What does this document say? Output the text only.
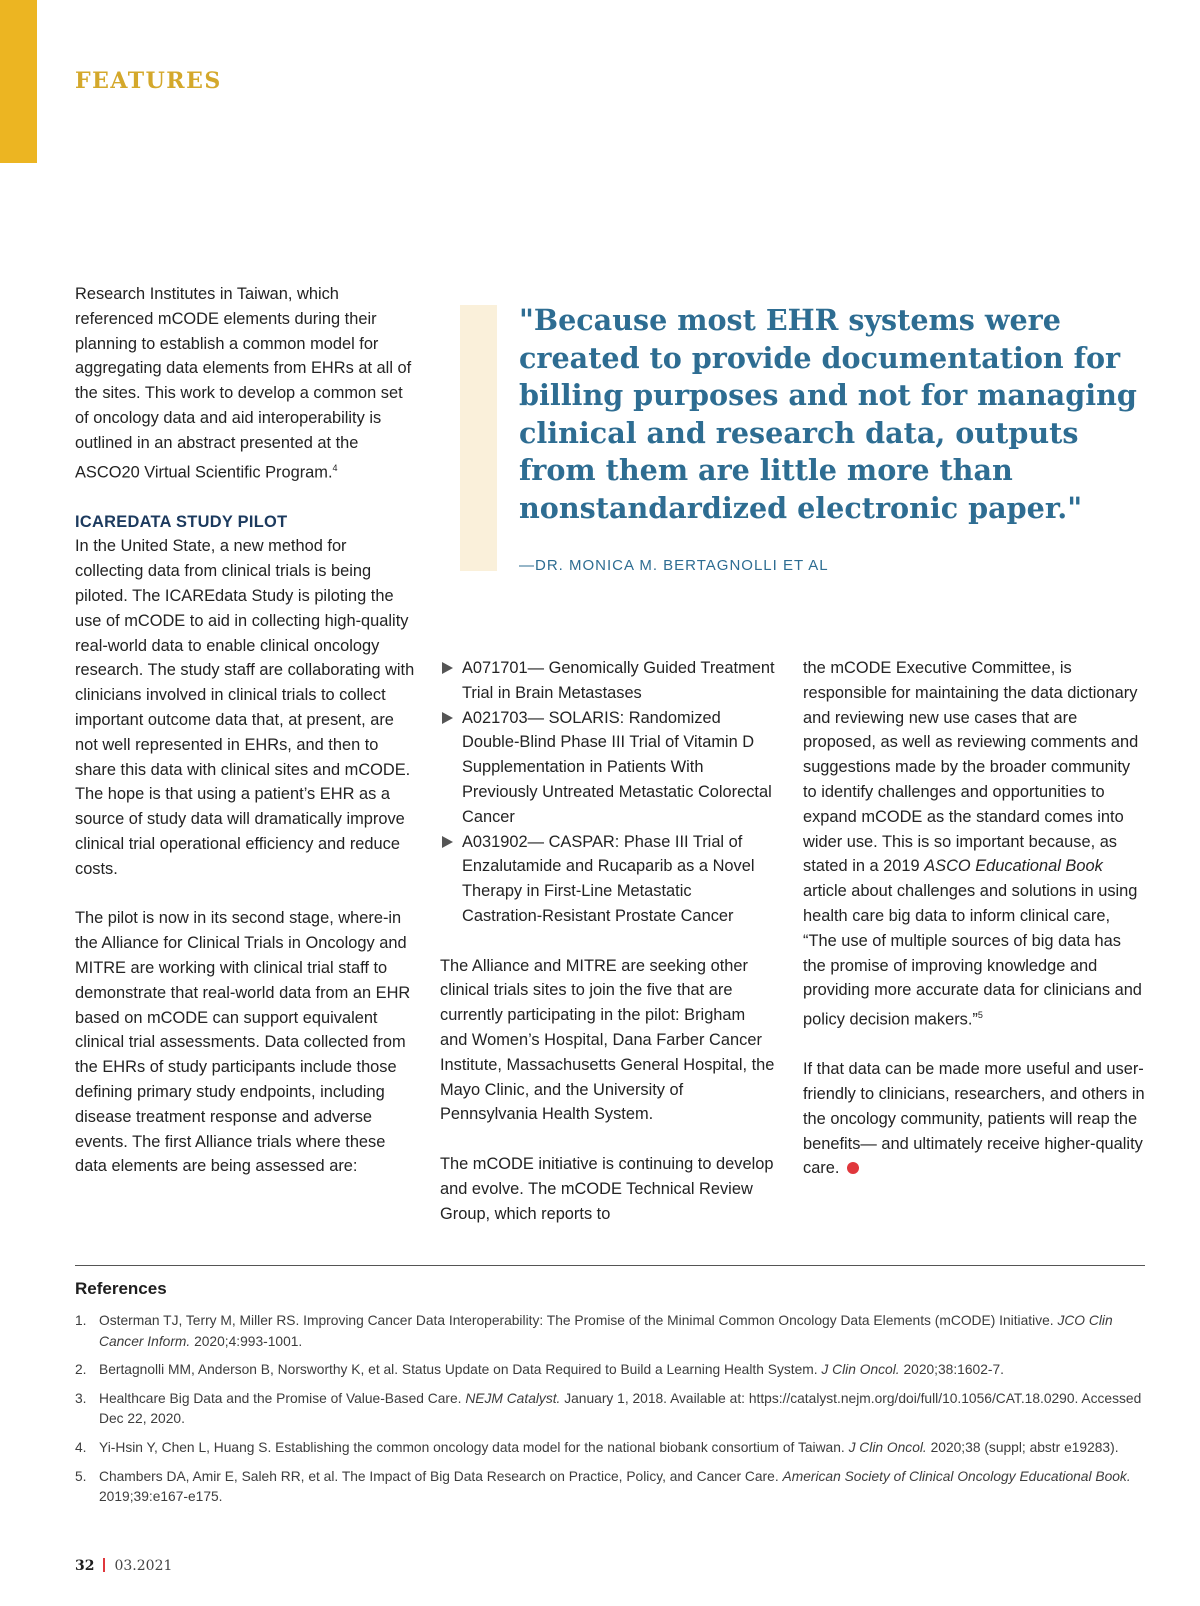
FEATURES

Research Institutes in Taiwan, which referenced mCODE elements during their planning to establish a common model for aggregating data elements from EHRs at all of the sites. This work to develop a common set of oncology data and aid interoperability is outlined in an abstract presented at the ASCO20 Virtual Scientific Program.$^4$

ICAREDATA STUDY PILOT

In the United State, a new method for collecting data from clinical trials is being piloted. The ICAREdata Study is piloting the use of mCODE to aid in collecting high-quality real-world data to enable clinical oncology research. The study staff are collaborating with clinicians involved in clinical trials to collect important outcome data that, at present, are not well represented in EHRs, and then to share this data with clinical sites and mCODE. The hope is that using a patient’s EHR as a source of study data will dramatically improve clinical trial operational efficiency and reduce costs.

The pilot is now in its second stage, where-in the Alliance for Clinical Trials in Oncology and MITRE are working with clinical trial staff to demonstrate that real-world data from an EHR based on mCODE can support equivalent clinical trial assessments. Data collected from the EHRs of study participants include those defining primary study endpoints, including disease treatment response and adverse events. The first Alliance trials where these data elements are being assessed are:

"Because most EHR systems were created to provide documentation for billing purposes and not for managing clinical and research data, outputs from them are little more than nonstandardized electronic paper."

—DR. MONICA M. BERTAGNOLLI ET AL

A071701— Genomically Guided Treatment Trial in Brain Metastases
A021703— SOLARIS: Randomized Double-Blind Phase III Trial of Vitamin D Supplementation in Patients With Previously Untreated Metastatic Colorectal Cancer
A031902— CASPAR: Phase III Trial of Enzalutamide and Rucaparib as a Novel Therapy in First-Line Metastatic Castration-Resistant Prostate Cancer

The Alliance and MITRE are seeking other clinical trials sites to join the five that are currently participating in the pilot: Brigham and Women’s Hospital, Dana Farber Cancer Institute, Massachusetts General Hospital, the Mayo Clinic, and the University of Pennsylvania Health System.

The mCODE initiative is continuing to develop and evolve. The mCODE Technical Review Group, which reports to

the mCODE Executive Committee, is responsible for maintaining the data dictionary and reviewing new use cases that are proposed, as well as reviewing comments and suggestions made by the broader community to identify challenges and opportunities to expand mCODE as the standard comes into wider use. This is so important because, as stated in a 2019 ASCO Educational Book article about challenges and solutions in using health care big data to inform clinical care, “The use of multiple sources of big data has the promise of improving knowledge and providing more accurate data for clinicians and policy decision makers.”$^5$

If that data can be made more useful and user-friendly to clinicians, researchers, and others in the oncology community, patients will reap the benefits— and ultimately receive higher-quality care.

References
1. Osterman TJ, Terry M, Miller RS. Improving Cancer Data Interoperability: The Promise of the Minimal Common Oncology Data Elements (mCODE) Initiative. JCO Clin Cancer Inform. 2020;4:993-1001.
2. Bertagnolli MM, Anderson B, Norsworthy K, et al. Status Update on Data Required to Build a Learning Health System. J Clin Oncol. 2020;38:1602-7.
3. Healthcare Big Data and the Promise of Value-Based Care. NEJM Catalyst. January 1, 2018. Available at: https://catalyst.nejm.org/doi/full/10.1056/CAT.18.0290. Accessed Dec 22, 2020.
4. Yi-Hsin Y, Chen L, Huang S. Establishing the common oncology data model for the national biobank consortium of Taiwan. J Clin Oncol. 2020;38 (suppl; abstr e19283).
5. Chambers DA, Amir E, Saleh RR, et al. The Impact of Big Data Research on Practice, Policy, and Cancer Care. American Society of Clinical Oncology Educational Book. 2019;39:e167-e175.
32 03.2021
